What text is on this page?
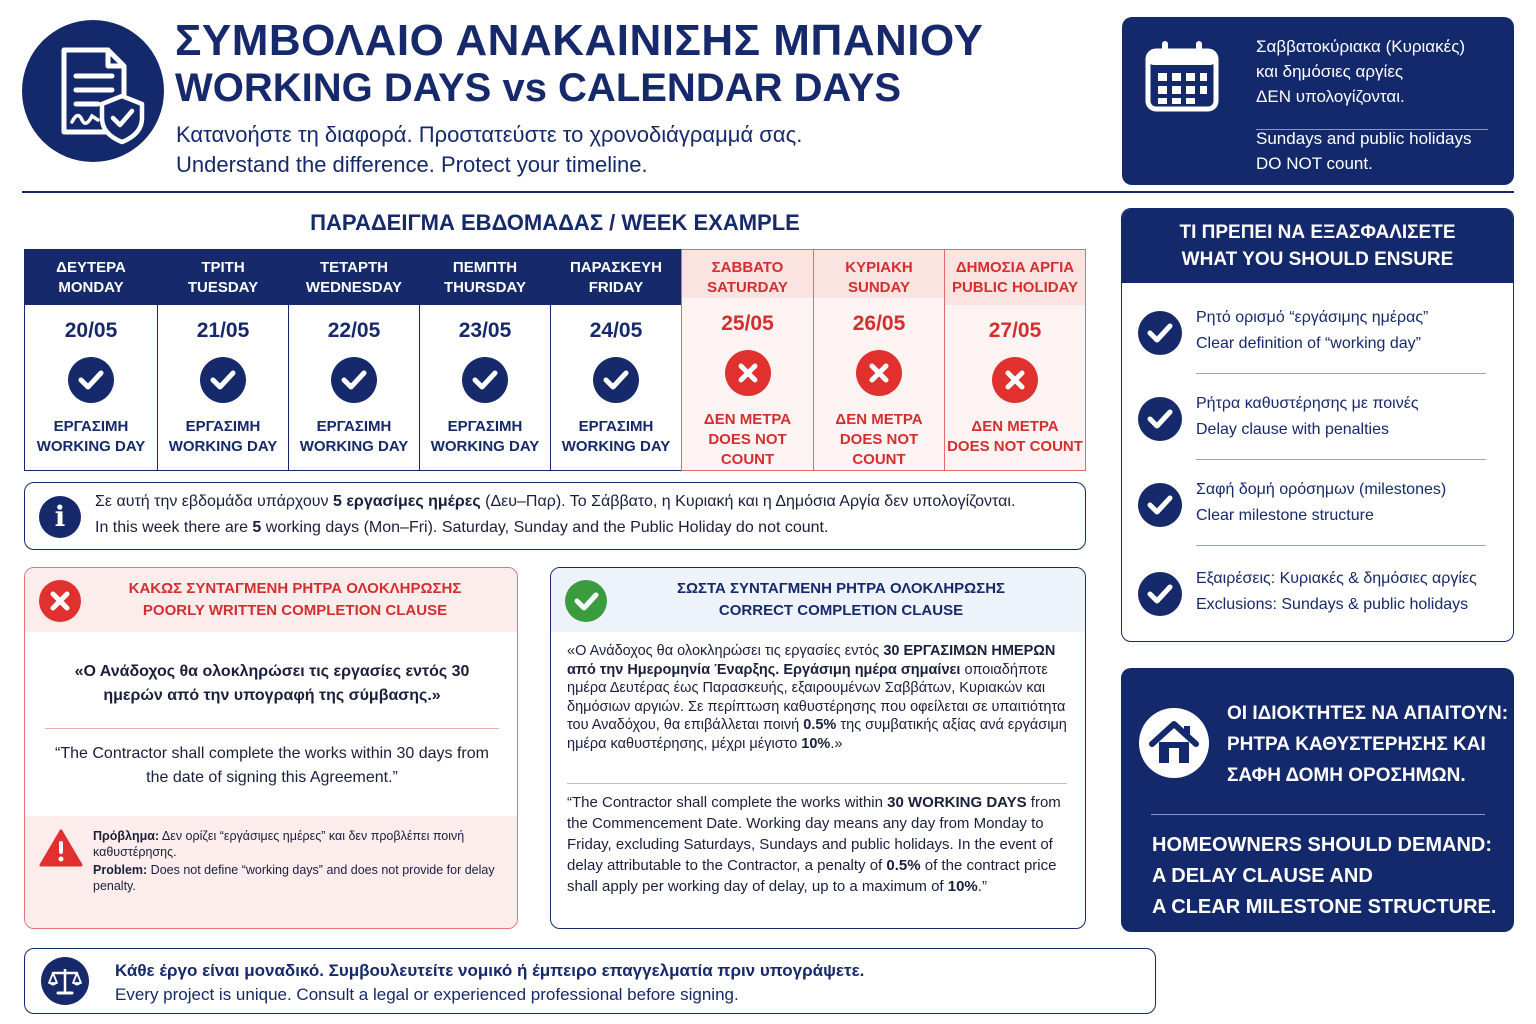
ΣΥΜΒΟΛΑΙΟ ΑΝΑΚΑΙΝΙΣΗΣ ΜΠΑΝΙΟΥ
WORKING DAYS vs CALENDAR DAYS
Κατανοήστε τη διαφορά. Προστατεύστε το χρονοδιάγραμμά σας.
Understand the difference. Protect your timeline.
Σαββατοκύριακα (Κυριακές)
και δημόσιες αργίες
ΔΕΝ υπολογίζονται.
Sundays and public holidays
DO NOT count.
ΠΑΡΑΔΕΙΓΜΑ ΕΒΔΟΜΑΔΑΣ / WEEK EXAMPLE
ΔΕΥΤΕΡΑ
MONDAY
20/05
ΕΡΓΑΣΙΜΗ
WORKING DAY
ΤΡΙΤΗ
TUESDAY
21/05
ΕΡΓΑΣΙΜΗ
WORKING DAY
ΤΕΤΑΡΤΗ
WEDNESDAY
22/05
ΕΡΓΑΣΙΜΗ
WORKING DAY
ΠΕΜΠΤΗ
THURSDAY
23/05
ΕΡΓΑΣΙΜΗ
WORKING DAY
ΠΑΡΑΣΚΕΥΗ
FRIDAY
24/05
ΕΡΓΑΣΙΜΗ
WORKING DAY
ΣΑΒΒΑΤΟ
SATURDAY
25/05
ΔΕΝ ΜΕΤΡΑ
DOES NOT COUNT
ΚΥΡΙΑΚΗ
SUNDAY
26/05
ΔΕΝ ΜΕΤΡΑ
DOES NOT COUNT
ΔΗΜΟΣΙΑ ΑΡΓΙΑ
PUBLIC HOLIDAY
27/05
ΔΕΝ ΜΕΤΡΑ
DOES NOT COUNT
i	Σε αυτή την εβδομάδα υπάρχουν 5 εργασίμες ημέρες (Δευ–Παρ). Το Σάββατο, η Κυριακή και η Δημόσια Αργία δεν υπολογίζονται.
In this week there are 5 working days (Mon–Fri). Saturday, Sunday and the Public Holiday do not count.
ΚΑΚΩΣ ΣΥΝΤΑΓΜΕΝΗ ΡΗΤΡΑ ΟΛΟΚΛΗΡΩΣΗΣ
POORLY WRITTEN COMPLETION CLAUSE
«Ο Ανάδοχος θα ολοκληρώσει τις εργασίες εντός 30 ημερών από την υπογραφή της σύμβασης.»
“The Contractor shall complete the works within 30 days from the date of signing this Agreement.”
Πρόβλημα: Δεν ορίζει “εργάσιμες ημέρες” και δεν προβλέπει ποινή καθυστέρησης.
Problem: Does not define “working days” and does not provide for delay penalty.
ΣΩΣΤΑ ΣΥΝΤΑΓΜΕΝΗ ΡΗΤΡΑ ΟΛΟΚΛΗΡΩΣΗΣ
CORRECT COMPLETION CLAUSE
«Ο Ανάδοχος θα ολοκληρώσει τις εργασίες εντός 30 ΕΡΓΑΣΙΜΩΝ ΗΜΕΡΩΝ από την Ημερομηνία Έναρξης. Εργάσιμη ημέρα σημαίνει οποιαδήποτε ημέρα Δευτέρας έως Παρασκευής, εξαιρουμένων Σαββάτων, Κυριακών και δημόσιων αργιών. Σε περίπτωση καθυστέρησης που οφείλεται σε υπαιτιότητα του Αναδόχου, θα επιβάλλεται ποινή 0.5% της συμβατικής αξίας ανά εργάσιμη ημέρα καθυστέρησης, μέχρι μέγιστο 10%.»
“The Contractor shall complete the works within 30 WORKING DAYS from the Commencement Date. Working day means any day from Monday to Friday, excluding Saturdays, Sundays and public holidays. In the event of delay attributable to the Contractor, a penalty of 0.5% of the contract price shall apply per working day of delay, up to a maximum of 10%.”
ΤΙ ΠΡΕΠΕΙ ΝΑ ΕΞΑΣΦΑΛΙΣΕΤΕ
WHAT YOU SHOULD ENSURE
Ρητό ορισμό “εργάσιμης ημέρας”
Clear definition of “working day”
Ρήτρα καθυστέρησης με ποινές
Delay clause with penalties
Σαφή δομή ορόσημων (milestones)
Clear milestone structure
Εξαιρέσεις: Κυριακές & δημόσιες αργίες
Exclusions: Sundays & public holidays
ΟΙ ΙΔΙΟΚΤΗΤΕΣ ΝΑ ΑΠΑΙΤΟΥΝ:
ΡΗΤΡΑ ΚΑΘΥΣΤΕΡΗΣΗΣ ΚΑΙ
ΣΑΦΗ ΔΟΜΗ ΟΡΟΣΗΜΩΝ.
HOMEOWNERS SHOULD DEMAND:
A DELAY CLAUSE AND
A CLEAR MILESTONE STRUCTURE.
Κάθε έργο είναι μοναδικό. Συμβουλευτείτε νομικό ή έμπειρο επαγγελματία πριν υπογράψετε.
Every project is unique. Consult a legal or experienced professional before signing.
